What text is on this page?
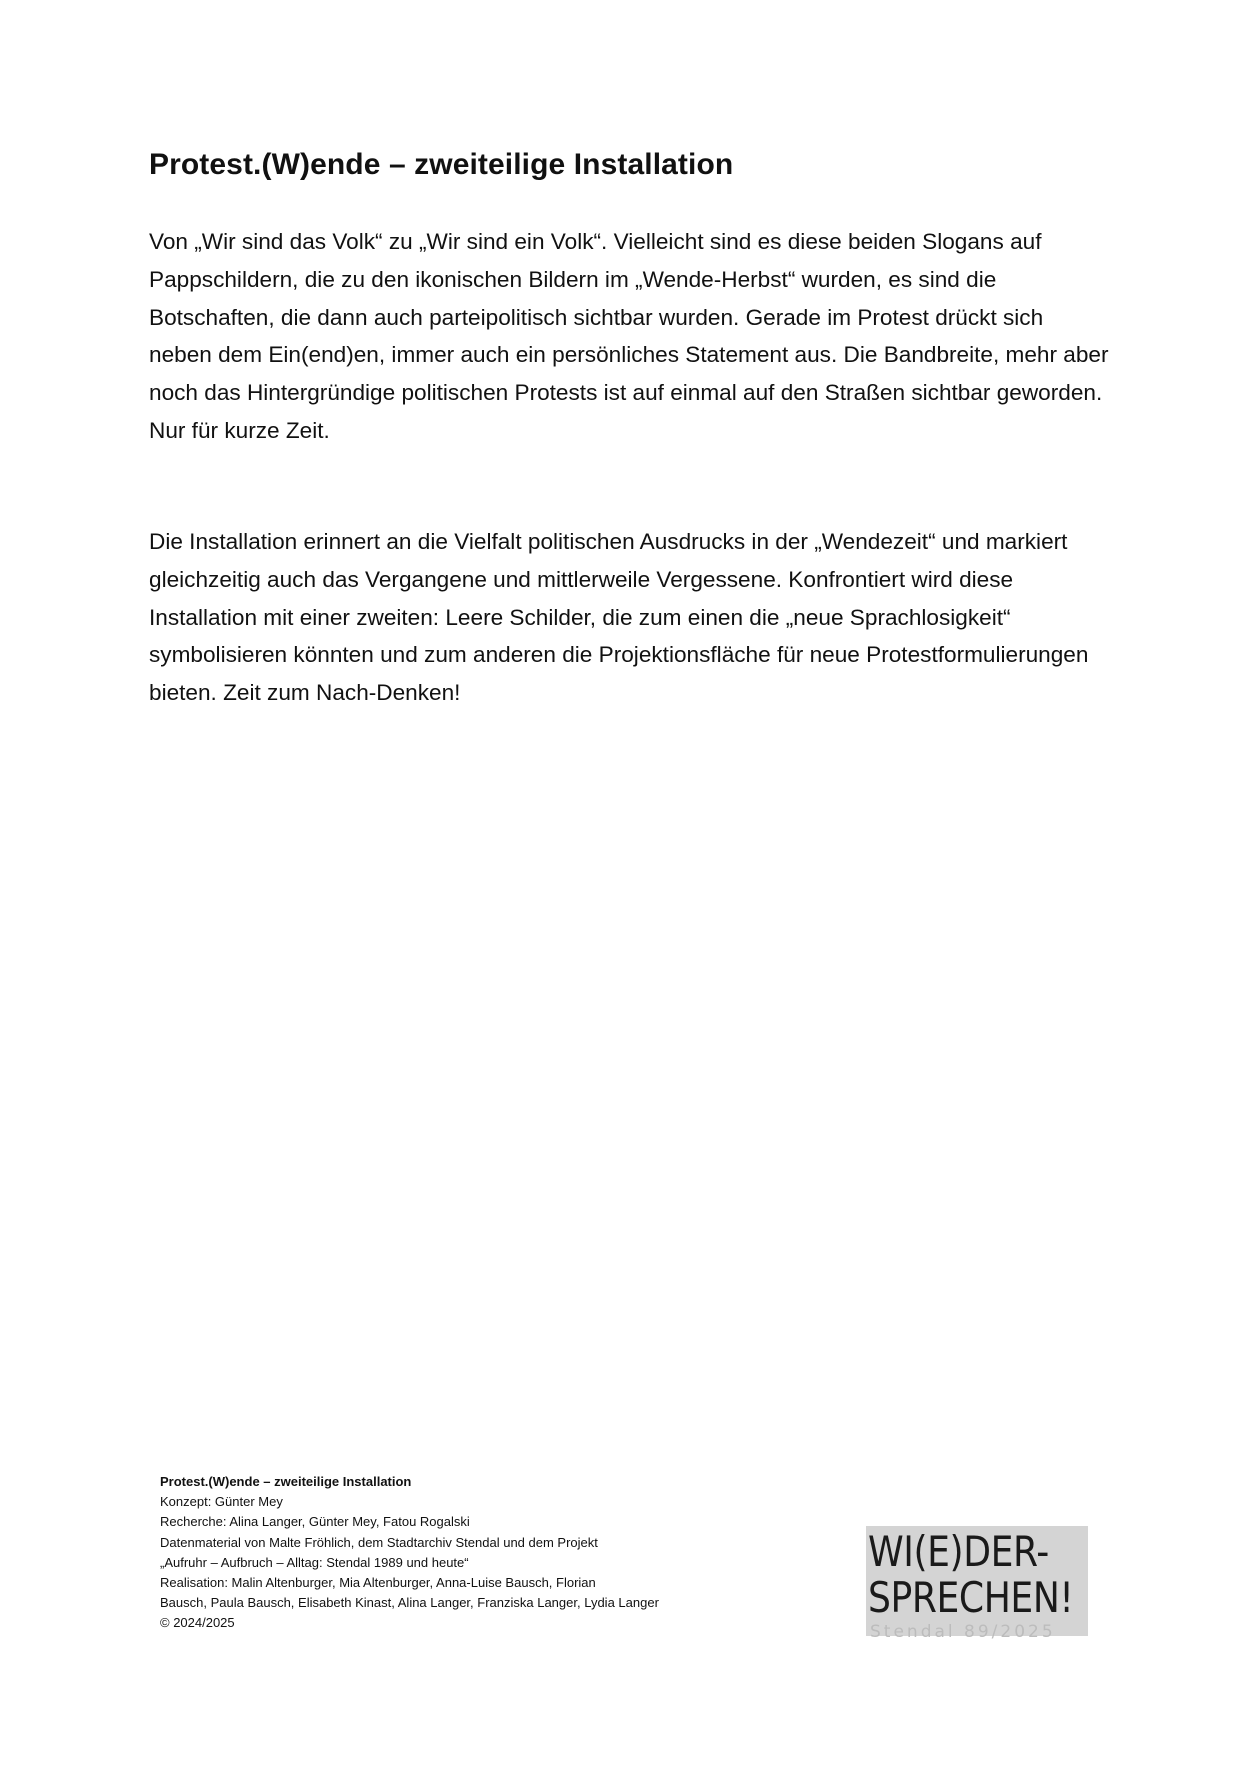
Protest.(W)ende – zweiteilige Installation

Von „Wir sind das Volk“ zu „Wir sind ein Volk“. Vielleicht sind es diese beiden Slogans auf Pappschildern, die zu den ikonischen Bildern im „Wende-Herbst“ wurden, es sind die Botschaften, die dann auch parteipolitisch sichtbar wurden. Gerade im Protest drückt sich neben dem Ein(end)en, immer auch ein persönliches Statement aus. Die Bandbreite, mehr aber noch das Hintergründige politischen Protests ist auf einmal auf den Straßen sichtbar geworden. Nur für kurze Zeit.

Die Installation erinnert an die Vielfalt politischen Ausdrucks in der „Wendezeit“ und markiert gleichzeitig auch das Vergangene und mittlerweile Vergessene. Konfrontiert wird diese Installation mit einer zweiten: Leere Schilder, die zum einen die „neue Sprachlosigkeit“ symbolisieren könnten und zum anderen die Projektionsfläche für neue Protestformulierungen bieten. Zeit zum Nach-Denken!

Protest.(W)ende – zweiteilige Installation
Konzept: Günter Mey
Recherche: Alina Langer, Günter Mey, Fatou Rogalski
Datenmaterial von Malte Fröhlich, dem Stadtarchiv Stendal und dem Projekt
„Aufruhr – Aufbruch – Alltag: Stendal 1989 und heute“
Realisation: Malin Altenburger, Mia Altenburger, Anna-Luise Bausch, Florian
Bausch, Paula Bausch, Elisabeth Kinast, Alina Langer, Franziska Langer, Lydia Langer
© 2024/2025
WI(E)DER-
SPRECHEN!
Stendal 89/2025
